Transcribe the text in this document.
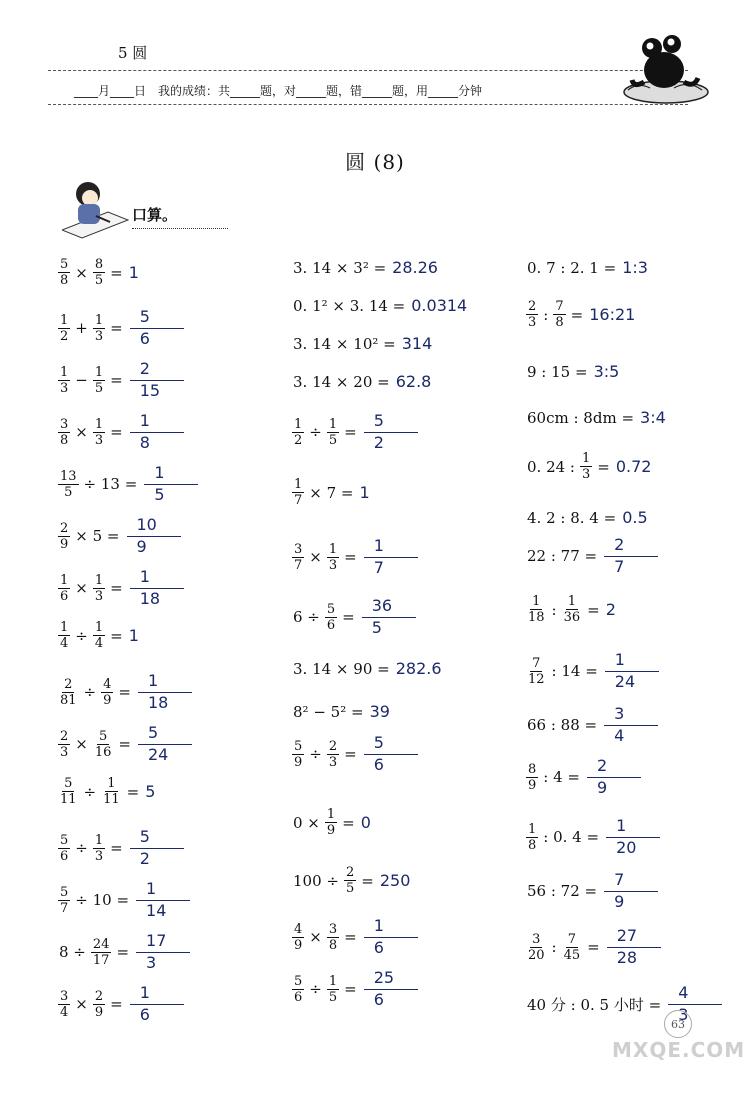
5 圆
____月____日　我的成绩：共_____题，对_____题，错_____题，用_____分钟
圆 (8)
口算。
$\frac{5}{8} \times \frac{8}{5} = 1$
$\frac{1}{2} + \frac{1}{3} = \frac{5}{6}$
$\frac{1}{3} - \frac{1}{5} = \frac{2}{15}$
$\frac{3}{8} \times \frac{1}{3} = \frac{1}{8}$
$\frac{13}{5} \div 13 = \frac{1}{5}$
$\frac{2}{9} \times 5 = \frac{10}{9}$
$\frac{1}{6} \times \frac{1}{3} = \frac{1}{18}$
$\frac{1}{4} \div \frac{1}{4} = 1$
$\frac{2}{81} \div \frac{4}{9} = \frac{1}{18}$
$\frac{2}{3} \times \frac{5}{16} = \frac{5}{24}$
$\frac{5}{11} \div \frac{1}{11} = 5$
$\frac{5}{6} \div \frac{1}{3} = \frac{5}{2}$
$\frac{5}{7} \div 10 = \frac{1}{14}$
$8 \div \frac{24}{17} = \frac{17}{3}$
$\frac{3}{4} \times \frac{2}{9} = \frac{1}{6}$
3. 14 × 3² = 28.26
0. 1² × 3. 14 = 0.0314
3. 14 × 10² = 314
3. 14 × 20 = 62.8
$\frac{1}{2} \div \frac{1}{5} = \frac{5}{2}$
$\frac{1}{7} \times 7 = 1$
$\frac{3}{7} \times \frac{1}{3} = \frac{1}{7}$
$6 \div \frac{5}{6} = \frac{36}{5}$
3. 14 × 90 = 282.6
8² − 5² = 39
$\frac{5}{9} \div \frac{2}{3} = \frac{5}{6}$
$0 \times \frac{1}{9} = 0$
$100 \div \frac{2}{5} = 250$
$\frac{4}{9} \times \frac{3}{8} = \frac{1}{6}$
$\frac{5}{6} \div \frac{1}{5} = \frac{25}{6}$
0. 7 : 2. 1 = 1:3
$\frac{2}{3}$ : $\frac{7}{8}$ = 16:21
9 : 15 = 3:5
60cm : 8dm = 3:4
0. 24 : $\frac{1}{3} = 0.72$
4. 2 : 8. 4 = 0.5
22 : $77 = \frac{2}{7}$
$\frac{1}{18}$ : $\frac{1}{36} = 2$
$\frac{7}{12}$ : $14 = \frac{1}{24}$
66 : $88 = \frac{3}{4}$
$\frac{8}{9}$ : $4 = \frac{2}{9}$
$\frac{1}{8}$ : 0. $4 = \frac{1}{20}$
56 : $72 = \frac{7}{9}$
$\frac{3}{20}$ : $\frac{7}{45} = \frac{27}{28}$
40 分 : 0. 5 小时 = $\frac{4}{3}$
63
MXQE.COM
